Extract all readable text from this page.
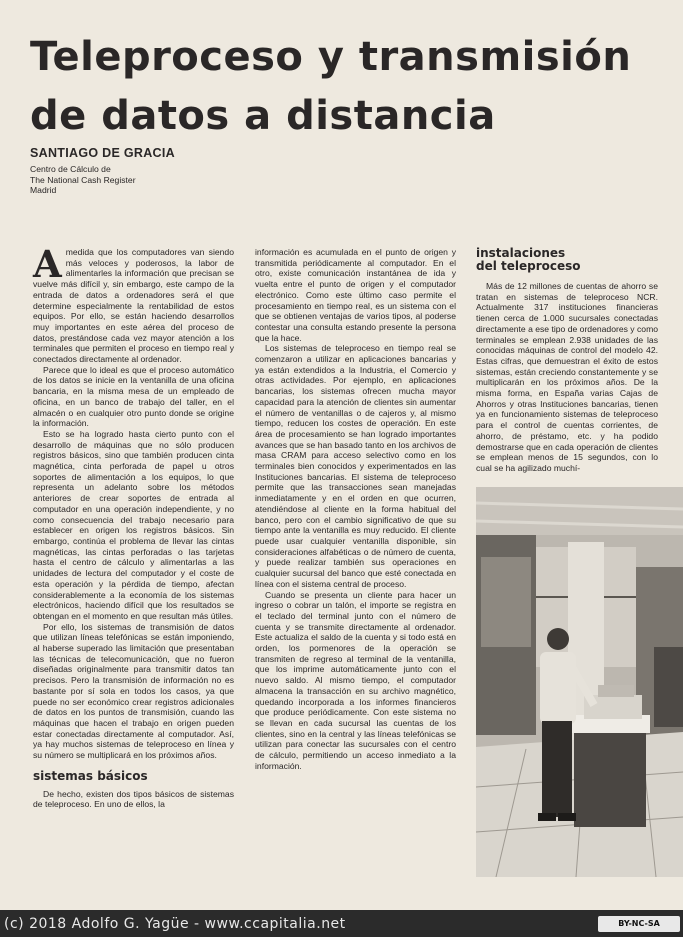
Teleproceso y transmisión
de datos a distancia
SANTIAGO DE GRACIA
Centro de Cálculo de
The National Cash Register
Madrid

Amedida que los computadores van siendo más veloces y poderosos, la labor de alimentarles la información que precisan se vuelve más difícil y, sin embargo, este campo de la entrada de datos a ordenadores será el que determine especialmente la rentabilidad de estos equipos. Por ello, se están haciendo desarrollos muy importantes en este aérea del proceso de datos, prestándose cada vez mayor atención a los terminales que permiten el proceso en tiempo real y conectados directamente al ordenador.

Parece que lo ideal es que el proceso automático de los datos se inicie en la ventanilla de una oficina bancaria, en la misma mesa de un empleado de oficina, en un banco de trabajo del taller, en el almacén o en cualquier otro punto donde se origine la información.

Esto se ha logrado hasta cierto punto con el desarrollo de máquinas que no sólo producen registros básicos, sino que también producen cinta magnética, cinta perforada de papel u otros soportes de alimentación a los equipos, lo que representa un adelanto sobre los métodos anteriores de crear soportes de entrada al computador en una operación independiente, y no como consecuencia del trabajo necesario para establecer en origen los registros básicos. Sin embargo, continúa el problema de llevar las cintas magnéticas, las cintas perforadas o las tarjetas hasta el centro de cálculo y alimentarlas a las unidades de lectura del computador y el coste de esta operación y la pérdida de tiempo, afectan considerablemente a la economía de los sistemas electrónicos, haciendo difícil que los resultados se obtengan en el momento en que resultan más útiles.

Por ello, los sistemas de transmisión de datos que utilizan líneas telefónicas se están imponiendo, al haberse superado las limitación que presentaban las técnicas de telecomunicación, que no fueron diseñadas originalmente para transmitir datos tan precisos. Pero la transmisión de información no es bastante por sí sola en todos los casos, ya que puede no ser económico crear registros adicionales de datos en los puntos de transmisión, cuando las máquinas que hacen el trabajo en origen pueden estar conectadas directamente al computador. Así, ya hay muchos sistemas de teleproceso en línea y su número se multiplicará en los próximos años.

sistemas básicos

De hecho, existen dos tipos básicos de sistemas de teleproceso. En uno de ellos, la

información es acumulada en el punto de origen y transmitida periódicamente al computador. En el otro, existe comunicación instantánea de ida y vuelta entre el punto de origen y el computador electrónico. Como este último caso permite el procesamiento en tiempo real, es un sistema con el que se obtienen ventajas de varios tipos, al poderse contestar una consulta estando presente la persona que la hace.

Los sistemas de teleproceso en tiempo real se comenzaron a utilizar en aplicaciones bancarias y ya están extendidos a la Industria, el Comercio y otras actividades. Por ejemplo, en aplicaciones bancarias, los sistemas ofrecen mucha mayor capacidad para la atención de clientes sin aumentar el número de ventanillas o de cajeros y, al mismo tiempo, reducen los costes de operación. En este área de procesamiento se han logrado importantes avances que se han basado tanto en los archivos de masa CRAM para acceso selectivo como en los terminales bien conocidos y experimentados en las Instituciones bancarias. El sistema de teleproceso permite que las transacciones sean manejadas inmediatamente y en el orden en que ocurren, atendiéndose al cliente en la forma habitual del banco, pero con el cambio significativo de que su tiempo ante la ventanilla es muy reducido. El cliente puede usar cualquier ventanilla disponible, sin consideraciones alfabéticas o de número de cuenta, y puede realizar también sus operaciones en cualquier sucursal del banco que esté conectada en línea con el sistema central de proceso.

Cuando se presenta un cliente para hacer un ingreso o cobrar un talón, el importe se registra en el teclado del terminal junto con el número de cuenta y se transmite directamente al ordenador. Este actualiza el saldo de la cuenta y si todo está en orden, los pormenores de la operación se transmiten de regreso al terminal de la ventanilla, que los imprime automáticamente junto con el nuevo saldo. Al mismo tiempo, el computador almacena la transacción en su archivo magnético, quedando incorporada a los informes financieros que produce periódicamente. Con este sistema no se llevan en cada sucursal las cuentas de los clientes, sino en la central y las líneas telefónicas se utilizan para conectar las sucursales con el centro de cálculo, permitiendo un acceso inmediato a la información.

instalaciones
del teleproceso

Más de 12 millones de cuentas de ahorro se tratan en sistemas de teleproceso NCR. Actualmente 317 instituciones financieras tienen cerca de 1.000 sucursales conectadas directamente a ese tipo de ordenadores y como terminales se emplean 2.938 unidades de las conocidas máquinas de control del modelo 42. Estas cifras, que demuestran el éxito de estos sistemas, están creciendo constantemente y se multiplicarán en los próximos años. De la misma forma, en España varias Cajas de Ahorros y otras Instituciones bancarias, tienen ya en funcionamiento sistemas de teleproceso para el control de cuentas corrientes, de ahorro, de préstamo, etc. y ha podido demostrarse que en cada operación de clientes se emplean menos de 15 segundos, con lo cual se ha agilizado muchí-

(c) 2018 Adolfo G. Yagüe - www.ccapitalia.net	BY-NC-SA
